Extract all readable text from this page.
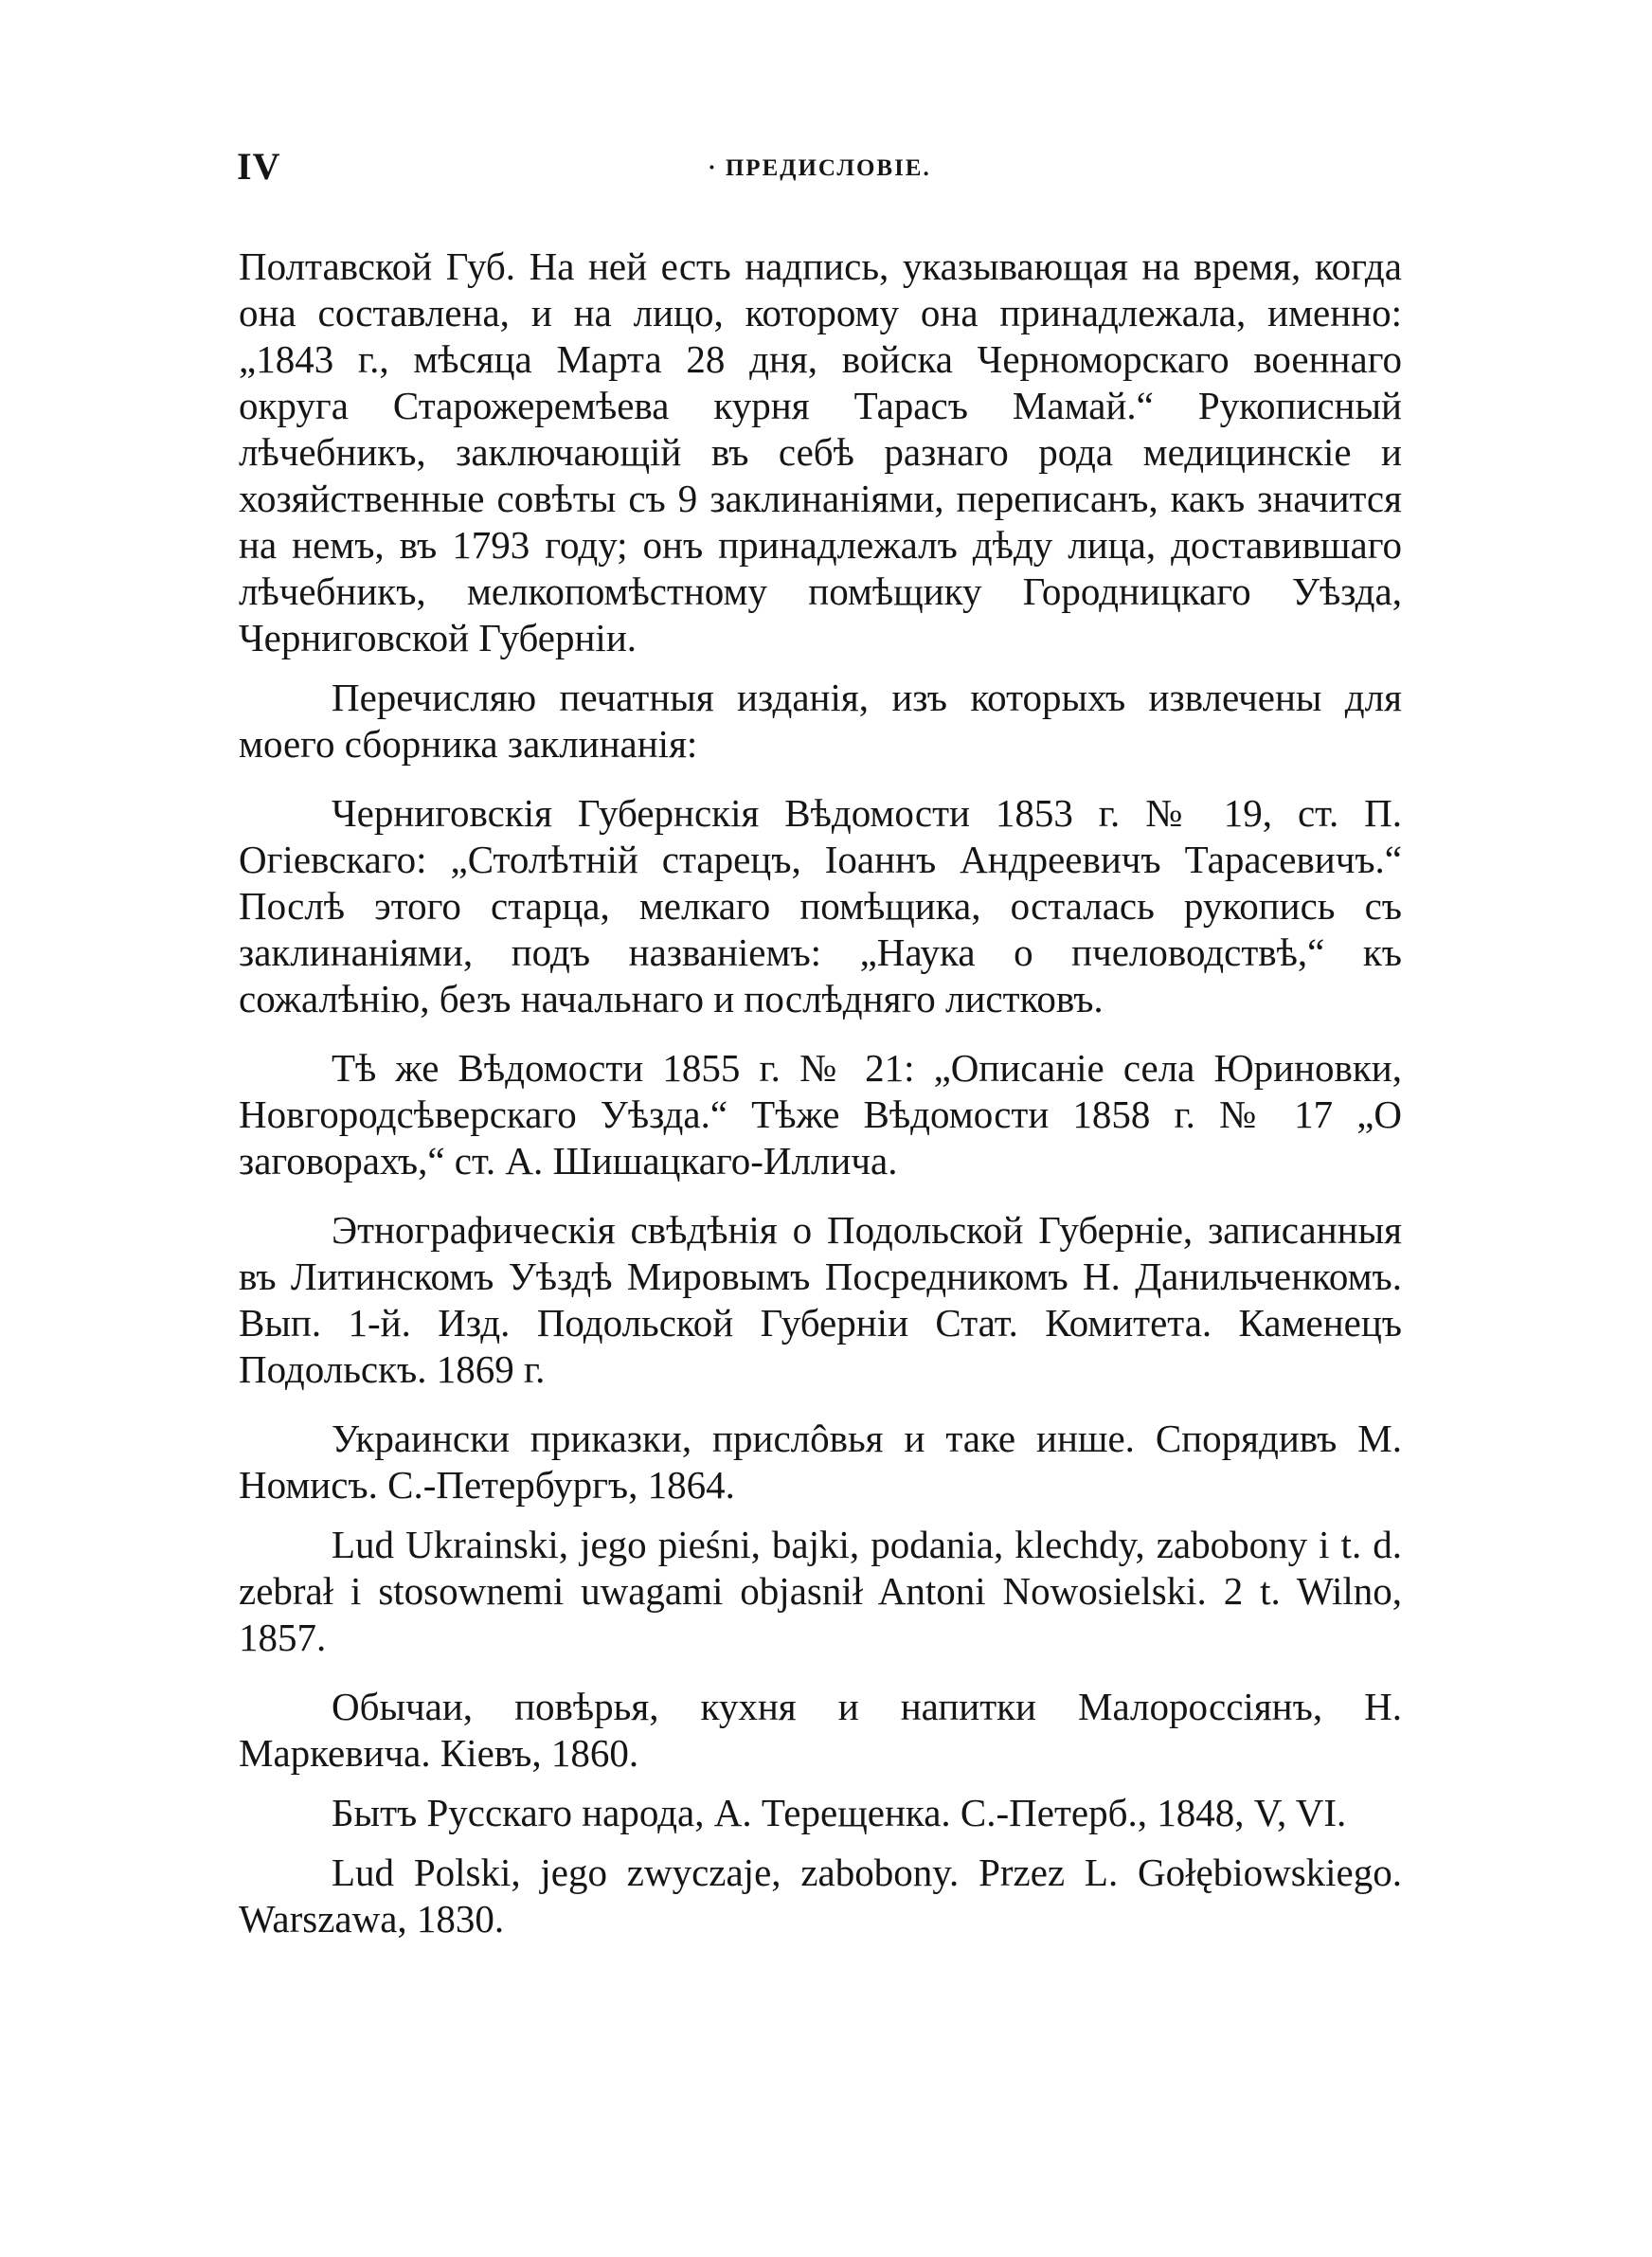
IV	· ПРЕДИСЛОВІЕ.

Полтавской Губ. На ней есть надпись, указывающая на время, когда она составлена, и на лицо, которому она принадлежала, именно: „1843 г., мѣсяца Марта 28 дня, войска Черноморскаго военнаго округа Старожеремѣева курня Тарасъ Мамай.“ Рукописный лѣчебникъ, заключающій въ себѣ разнаго рода медицинскіе и хозяйственные совѣты съ 9 заклинаніями, переписанъ, какъ значится на немъ, въ 1793 году; онъ принадлежалъ дѣду лица, доставившаго лѣчебникъ, мелкопомѣстному помѣщику Городницкаго Уѣзда, Черниговской Губерніи.

Перечисляю печатныя изданія, изъ которыхъ извлечены для моего сборника заклинанія:

Черниговскія Губернскія Вѣдомости 1853 г. № 19, ст. П. Огіевскаго: „Столѣтній старецъ, Іоаннъ Андреевичъ Тарасевичъ.“ Послѣ этого старца, мелкаго помѣщика, осталась рукопись съ заклинаніями, подъ названіемъ: „Наука о пчеловодствѣ,“ къ сожалѣнію, безъ начальнаго и послѣдняго листковъ.

Тѣ же Вѣдомости 1855 г. № 21: „Описаніе села Юриновки, Новгородсѣверскаго Уѣзда.“ Тѣже Вѣдомости 1858 г. № 17 „О заговорахъ,“ ст. А. Шишацкаго-Иллича.

Этнографическія свѣдѣнія о Подольской Губерніе, записанныя въ Литинскомъ Уѣздѣ Мировымъ Посредникомъ Н. Данильченкомъ. Вып. 1-й. Изд. Подольской Губерніи Стат. Комитета. Каменецъ Подольскъ. 1869 г.

Украински приказки, прислôвья и таке инше. Спорядивъ М. Номисъ. С.-Петербургъ, 1864.

Lud Ukrainski, jego pieśni, bajki, podania, klechdy, zabobony i t. d. zebrał i stosownemi uwagami objasnił Antoni Nowosielski. 2 t. Wilno, 1857.

Обычаи, повѣрья, кухня и напитки Малороссіянъ, Н. Маркевича. Кіевъ, 1860.

Бытъ Русскаго народа, А. Терещенка. С.-Петерб., 1848, V, VI.

Lud Polski, jego zwyczaje, zabobony. Przez L. Gołębiowskiego. Warszawa, 1830.
